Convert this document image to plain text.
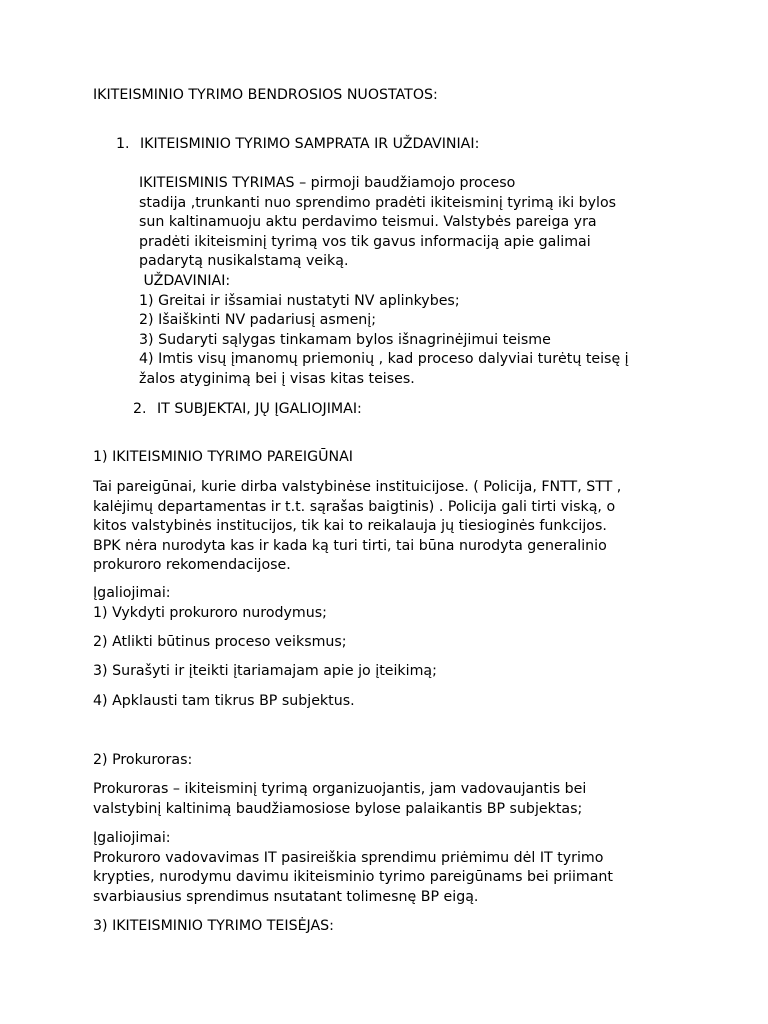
IKITEISMINIO TYRIMO BENDROSIOS NUOSTATOS:
1. IKITEISMINIO TYRIMO SAMPRATA IR UŽDAVINIAI:
IKITEISMINIS TYRIMAS – pirmoji baudžiamojo proceso
stadija ,trunkanti nuo sprendimo pradėti ikiteisminį tyrimą iki bylos
sun kaltinamuoju aktu perdavimo teismui. Valstybės pareiga yra
pradėti ikiteisminį tyrimą vos tik gavus informaciją apie galimai
padarytą nusikalstamą veiką.
UŽDAVINIAI:
1) Greitai ir išsamiai nustatyti NV aplinkybes;
2) Išaiškinti NV padariusį asmenį;
3) Sudaryti sąlygas tinkamam bylos išnagrinėjimui teisme
4) Imtis visų įmanomų priemonių , kad proceso dalyviai turėtų teisę į
žalos atyginimą bei į visas kitas teises.
2. IT SUBJEKTAI, JŲ ĮGALIOJIMAI:
1) IKITEISMINIO TYRIMO PAREIGŪNAI
Tai pareigūnai, kurie dirba valstybinėse instituicijose. ( Policija, FNTT, STT ,
kalėjimų departamentas ir t.t. sąrašas baigtinis) . Policija gali tirti viską, o
kitos valstybinės institucijos, tik kai to reikalauja jų tiesioginės funkcijos.
BPK nėra nurodyta kas ir kada ką turi tirti, tai būna nurodyta generalinio
prokuroro rekomendacijose.
Įgaliojimai:
1) Vykdyti prokuroro nurodymus;
2) Atlikti būtinus proceso veiksmus;
3) Surašyti ir įteikti įtariamajam apie jo įteikimą;
4) Apklausti tam tikrus BP subjektus.
2) Prokuroras:
Prokuroras – ikiteisminį tyrimą organizuojantis, jam vadovaujantis bei
valstybinį kaltinimą baudžiamosiose bylose palaikantis BP subjektas;
Įgaliojimai:
Prokuroro vadovavimas IT pasireiškia sprendimu priėmimu dėl IT tyrimo
krypties, nurodymu davimu ikiteisminio tyrimo pareigūnams bei priimant
svarbiausius sprendimus nsutatant tolimesnę BP eigą.
3) IKITEISMINIO TYRIMO TEISĖJAS:
